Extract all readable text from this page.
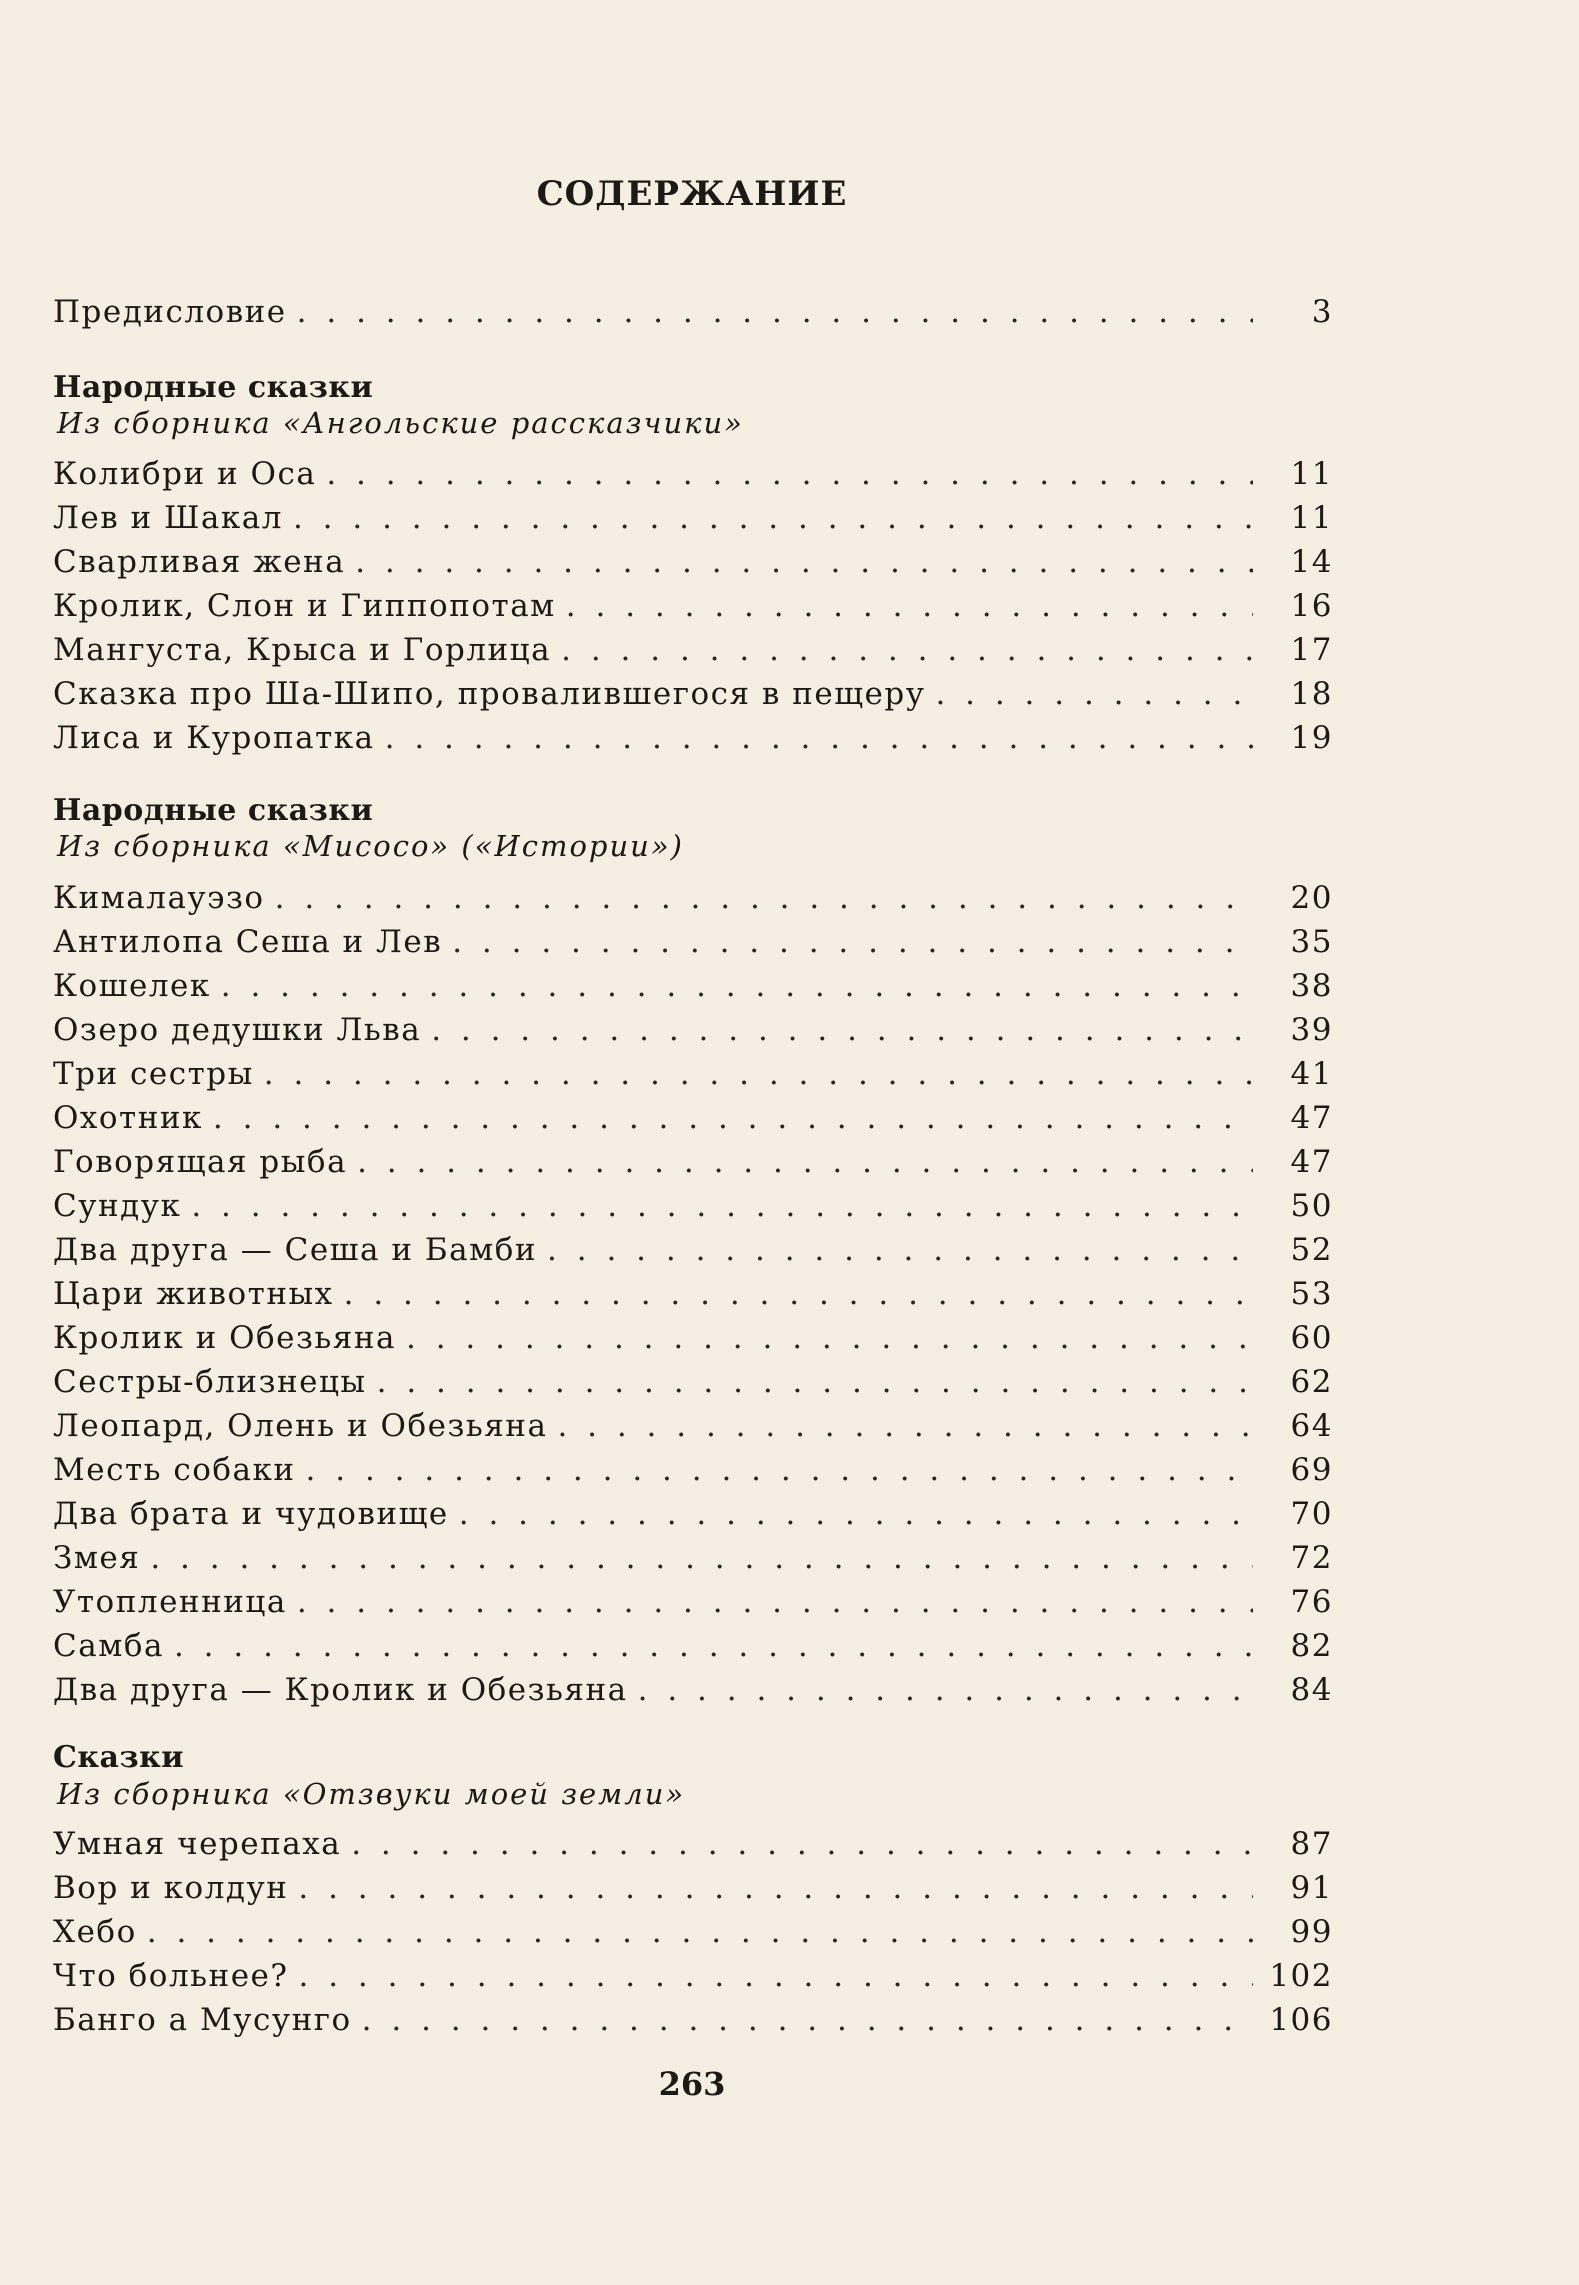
СОДЕРЖАНИЕ
Предисловие . . .	3
Народные сказки
Из сборника «Ангольские рассказчики»
Колибри и Оса . . .	11
Лев и Шакал . . .	11
Сварливая жена . . .	14
Кролик, Слон и Гиппопотам . . .	16
Мангуста, Крыса и Горлица . . .	17
Сказка про Ша-Шипо, провалившегося в пещеру . . .	18
Лиса и Куропатка . . .	19
Народные сказки
Из сборника «Мисосо» («Истории»)
Кималауэзо . . .	20
Антилопа Сеша и Лев . . .	35
Кошелек . . .	38
Озеро дедушки Льва . . .	39
Три сестры . . .	41
Охотник . . .	47
Говорящая рыба . . .	47
Сундук . . .	50
Два друга — Сеша и Бамби . . .	52
Цари животных . . .	53
Кролик и Обезьяна . . .	60
Сестры-близнецы . . .	62
Леопард, Олень и Обезьяна . . .	64
Месть собаки . . .	69
Два брата и чудовище . . .	70
Змея . . .	72
Утопленница . . .	76
Самба . . .	82
Два друга — Кролик и Обезьяна . . .	84
Сказки
Из сборника «Отзвуки моей земли»
Умная черепаха . . .	87
Вор и колдун . . .	91
Хебо . . .	99
Что больнее? . . .	102
Банго а Мусунго . . .	106
263
